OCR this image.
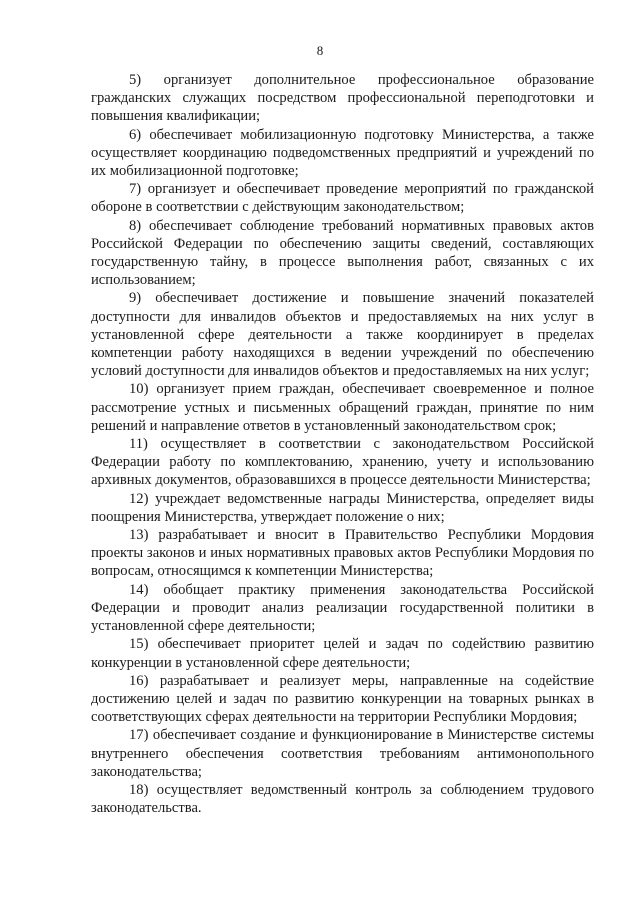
8

5) организует дополнительное профессиональное образование гражданских служащих посредством профессиональной переподготовки и повышения квалификации;

6) обеспечивает мобилизационную подготовку Министерства, а также осуществляет координацию подведомственных предприятий и учреждений по их мобилизационной подготовке;

7) организует и обеспечивает проведение мероприятий по гражданской обороне в соответствии с действующим законодательством;

8) обеспечивает соблюдение требований нормативных правовых актов Российской Федерации по обеспечению защиты сведений, составляющих государственную тайну, в процессе выполнения работ, связанных с их использованием;

9) обеспечивает достижение и повышение значений показателей доступности для инвалидов объектов и предоставляемых на них услуг в установленной сфере деятельности а также координирует в пределах компетенции работу находящихся в ведении учреждений по обеспечению условий доступности для инвалидов объектов и предоставляемых на них услуг;

10) организует прием граждан, обеспечивает своевременное и полное рассмотрение устных и письменных обращений граждан, принятие по ним решений и направление ответов в установленный законодательством срок;

11) осуществляет в соответствии с законодательством Российской Федерации работу по комплектованию, хранению, учету и использованию архивных документов, образовавшихся в процессе деятельности Министерства;

12) учреждает ведомственные награды Министерства, определяет виды поощрения Министерства, утверждает положение о них;

13) разрабатывает и вносит в Правительство Республики Мордовия проекты законов и иных нормативных правовых актов Республики Мордовия по вопросам, относящимся к компетенции Министерства;

14) обобщает практику применения законодательства Российской Федерации и проводит анализ реализации государственной политики в установленной сфере деятельности;

15) обеспечивает приоритет целей и задач по содействию развитию конкуренции в установленной сфере деятельности;

16) разрабатывает и реализует меры, направленные на содействие достижению целей и задач по развитию конкуренции на товарных рынках в соответствующих сферах деятельности на территории Республики Мордовия;

17) обеспечивает создание и функционирование в Министерстве системы внутреннего обеспечения соответствия требованиям антимонопольного законодательства;

18) осуществляет ведомственный контроль за соблюдением трудового законодательства.
